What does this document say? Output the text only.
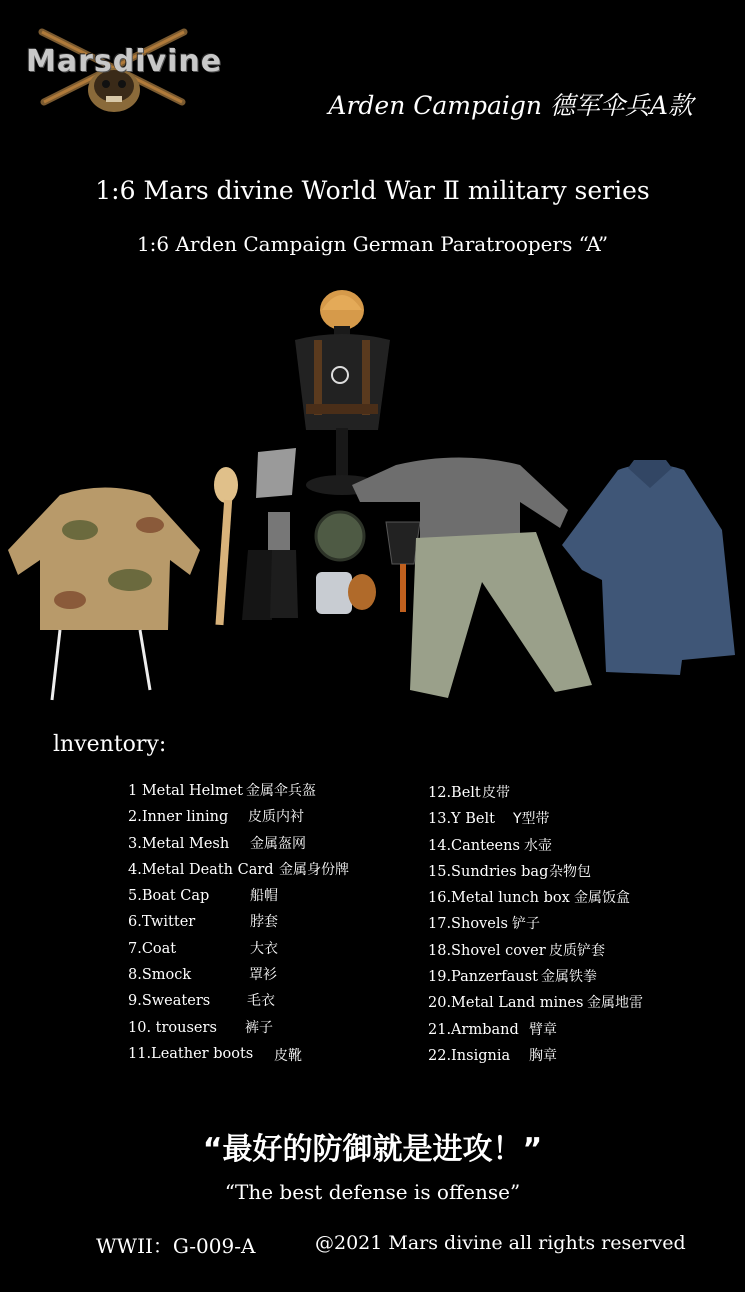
Marsdivine
Arden Campaign 德军伞兵A款
1:6 Mars divine World War Ⅱ military series
1:6 Arden Campaign German Paratroopers “A”
lnventory:
1 Metal Helmet 金属伞兵盔
2.Inner lining 皮质内衬
3.Metal Mesh 金属盔网
4.Metal Death Card 金属身份牌
5.Boat Cap	船帽
6.Twitter	脖套
7.Coat	大衣
8.Smock	罩衫
9.Sweaters	毛衣
10. trousers 裤子
11.Leather boots 皮靴
12.Belt 皮带
13.Y Belt Y型带
14.Canteens 水壶
15.Sundries bag 杂物包
16.Metal lunch box 金属饭盒
17.Shovels 铲子
18.Shovel cover 皮质铲套
19.Panzerfaust 金属铁拳
20.Metal Land mines 金属地雷
21.Armband 臂章
22.Insignia 胸章
“最好的防御就是进攻！”
“The best defense is offense”
WWII：G-009-A	@2021 Mars divine all rights reserved
